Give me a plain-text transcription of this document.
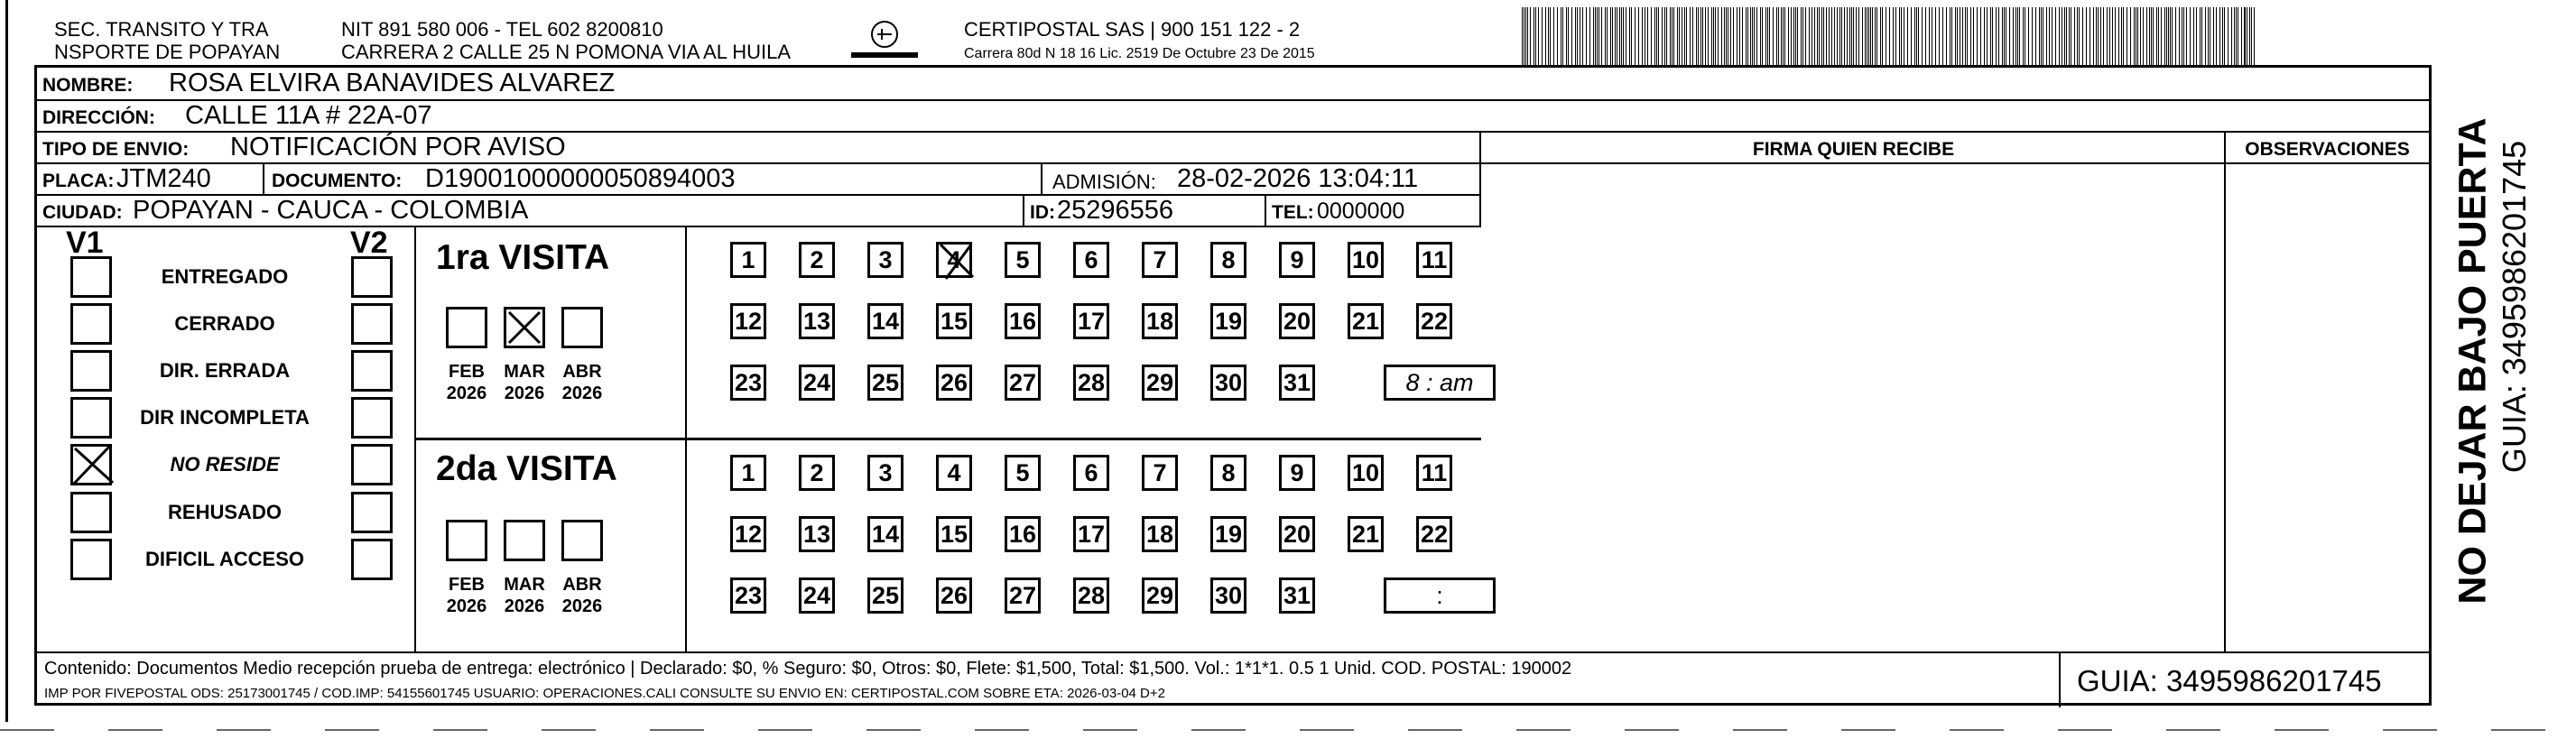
SEC. TRANSITO Y TRA
NSPORTE DE POPAYAN
NIT 891 580 006 - TEL 602 8200810
CARRERA 2 CALLE 25 N POMONA VIA AL HUILA
CERTIPOSTAL SAS | 900 151 122 - 2
Carrera 80d N 18 16 Lic. 2519 De Octubre 23 De 2015
NOMBRE: ROSA ELVIRA BANAVIDES ALVAREZ
DIRECCIÓN: CALLE 11A # 22A-07
TIPO DE ENVIO: NOTIFICACIÓN POR AVISO	FIRMA QUIEN RECIBE	OBSERVACIONES
PLACA: JTM240	DOCUMENTO: D19001000000050894003	ADMISIÓN: 28-02-2026 13:04:11
CIUDAD: POPAYAN - CAUCA - COLOMBIA	ID: 25296556	TEL: 0000000
V1	V2
ENTREGADO
CERRADO
DIR. ERRADA
DIR INCOMPLETA
NO RESIDE
REHUSADO
DIFICIL ACCESO
1ra VISITA
FEB
2026
MAR
2026
ABR
2026
1 2 3 4 5 6 7 8 9 10 11
12 13 14 15 16 17 18 19 20 21 22
23 24 25 26 27 28 29 30 31	8 : am
2da VISITA
FEB
2026
MAR
2026
ABR
2026
1 2 3 4 5 6 7 8 9 10 11
12 13 14 15 16 17 18 19 20 21 22
23 24 25 26 27 28 29 30 31	:
Contenido: Documentos Medio recepción prueba de entrega: electrónico | Declarado: $0, % Seguro: $0, Otros: $0, Flete: $1,500, Total: $1,500. Vol.: 1*1*1. 0.5 1 Unid. COD. POSTAL: 190002
IMP POR FIVEPOSTAL ODS: 25173001745 / COD.IMP: 54155601745 USUARIO: OPERACIONES.CALI CONSULTE SU ENVIO EN: CERTIPOSTAL.COM SOBRE ETA: 2026-03-04 D+2	GUIA: 3495986201745
NO DEJAR BAJO PUERTA GUIA: 3495986201745
